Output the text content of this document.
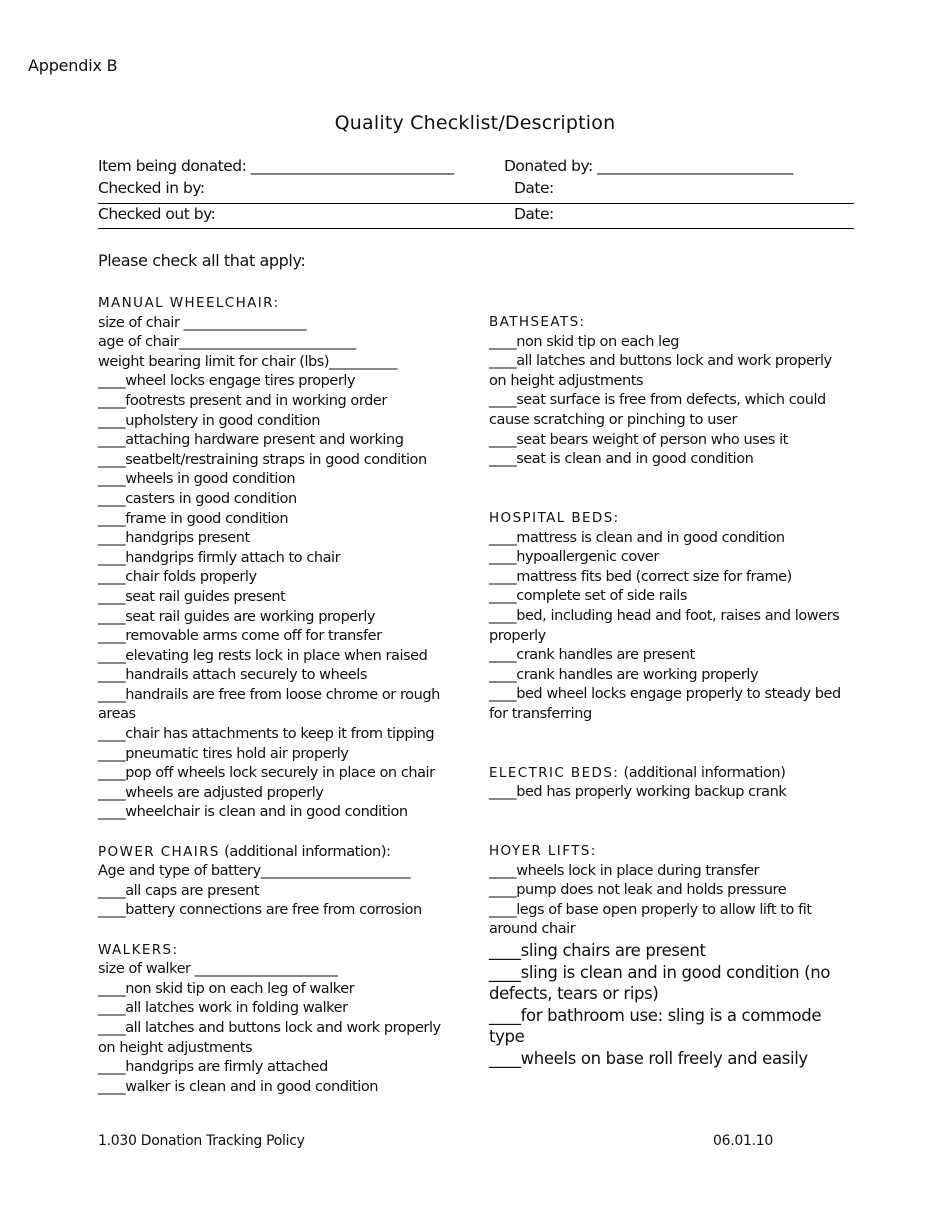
Appendix B
Quality Checklist/Description
Item being donated: ____________________________	Donated by: ___________________________
Checked in by:	Date:
Checked out by:	Date:
Please check all that apply:

MANUAL WHEELCHAIR:

size of chair __________________

age of chair__________________________

weight bearing limit for chair (lbs)__________

____wheel locks engage tires properly

____footrests present and in working order

____upholstery in good condition

____attaching hardware present and working

____seatbelt/restraining straps in good condition

____wheels in good condition

____casters in good condition

____frame in good condition

____handgrips present

____handgrips firmly attach to chair

____chair folds properly

____seat rail guides present

____seat rail guides are working properly

____removable arms come off for transfer

____elevating leg rests lock in place when raised

____handrails attach securely to wheels

____handrails are free from loose chrome or rough

areas

____chair has attachments to keep it from tipping

____pneumatic tires hold air properly

____pop off wheels lock securely in place on chair

____wheels are adjusted properly

____wheelchair is clean and in good condition

POWER CHAIRS (additional information):

Age and type of battery______________________

____all caps are present

____battery connections are free from corrosion

WALKERS:

size of walker _____________________

____non skid tip on each leg of walker

____all latches work in folding walker

____all latches and buttons lock and work properly

on height adjustments

____handgrips are firmly attached

____walker is clean and in good condition

BATHSEATS:

____non skid tip on each leg

____all latches and buttons lock and work properly

on height adjustments

____seat surface is free from defects, which could

cause scratching or pinching to user

____seat bears weight of person who uses it

____seat is clean and in good condition

HOSPITAL BEDS:

____mattress is clean and in good condition

____hypoallergenic cover

____mattress fits bed (correct size for frame)

____complete set of side rails

____bed, including head and foot, raises and lowers

properly

____crank handles are present

____crank handles are working properly

____bed wheel locks engage properly to steady bed

for transferring

ELECTRIC BEDS: (additional information)

____bed has properly working backup crank

HOYER LIFTS:

____wheels lock in place during transfer

____pump does not leak and holds pressure

____legs of base open properly to allow lift to fit

around chair

____sling chairs are present

____sling is clean and in good condition (no

defects, tears or rips)

____for bathroom use: sling is a commode type

____wheels on base roll freely and easily

1.030 Donation Tracking Policy	06.01.10
